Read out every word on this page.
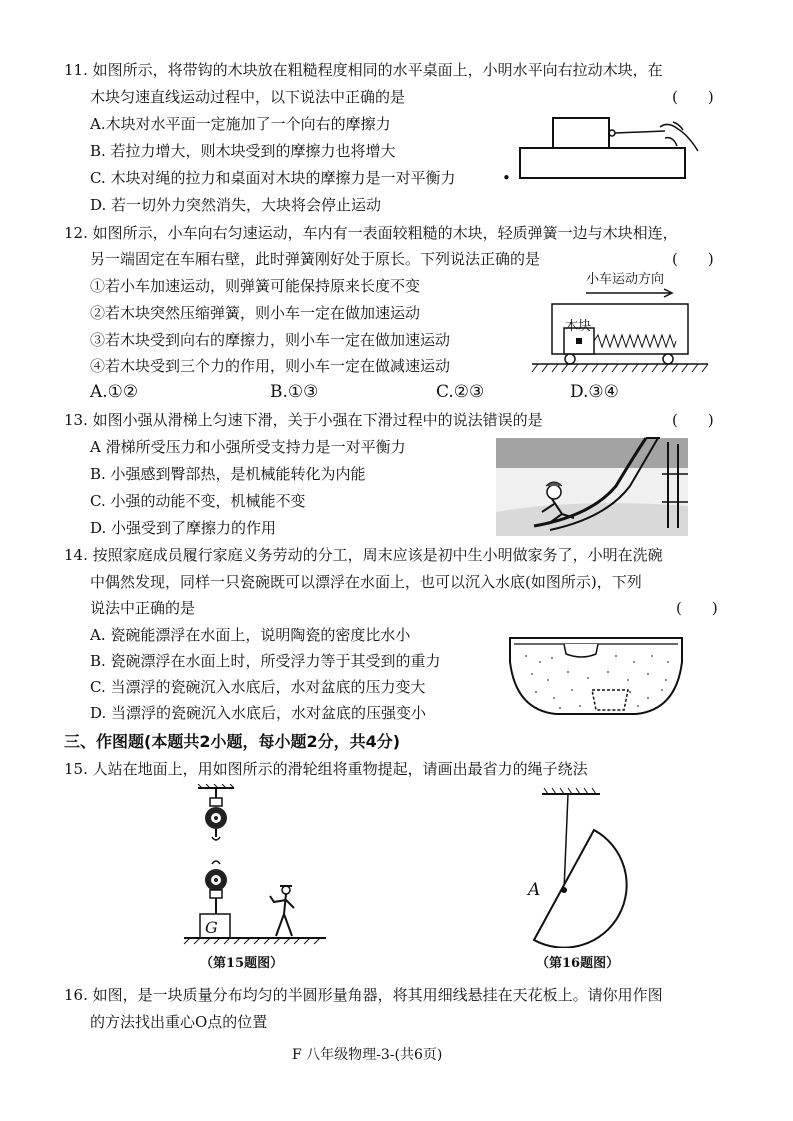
11. 如图所示，将带钩的木块放在粗糙程度相同的水平桌面上，小明水平向右拉动木块，在
木块匀速直线运动过程中，以下说法中正确的是	(　　)
A.木块对水平面一定施加了一个向右的摩擦力
B. 若拉力增大，则木块受到的摩擦力也将增大
C. 木块对绳的拉力和桌面对木块的摩擦力是一对平衡力
D. 若一切外力突然消失，大块将会停止运动
•
12. 如图所示，小车向右匀速运动，车内有一表面较粗糙的木块，轻质弹簧一边与木块相连，
另一端固定在车厢右壁，此时弹簧刚好处于原长。下列说法正确的是	(　　)
①若小车加速运动，则弹簧可能保持原来长度不变
②若木块突然压缩弹簧，则小车一定在做加速运动
③若木块受到向右的摩擦力，则小车一定在做加速运动
④若木块受到三个力的作用，则小车一定在做减速运动
A.①②	B.①③	C.②③	D.③④
小车运动方向
木块
13. 如图小强从滑梯上匀速下滑，关于小强在下滑过程中的说法错误的是	(　　)
A 滑梯所受压力和小强所受支持力是一对平衡力
B. 小强感到臀部热，是机械能转化为内能
C. 小强的动能不变，机械能不变
D. 小强受到了摩擦力的作用
14. 按照家庭成员履行家庭义务劳动的分工，周末应该是初中生小明做家务了，小明在洗碗
中偶然发现，同样一只瓷碗既可以漂浮在水面上，也可以沉入水底(如图所示)，下列
说法中正确的是	(　　)
A. 瓷碗能漂浮在水面上，说明陶瓷的密度比水小
B. 瓷碗漂浮在水面上时，所受浮力等于其受到的重力
C. 当漂浮的瓷碗沉入水底后，水对盆底的压力变大
D. 当漂浮的瓷碗沉入水底后，水对盆底的压强变小
三、作图题(本题共2小题，每小题2分，共4分)
15. 人站在地面上，用如图所示的滑轮组将重物提起，请画出最省力的绳子绕法
G
（第15题图）
A
（第16题图）
16. 如图，是一块质量分布均匀的半圆形量角器，将其用细线悬挂在天花板上。请你用作图
的方法找出重心O点的位置
F 八年级物理-3-(共6页)
